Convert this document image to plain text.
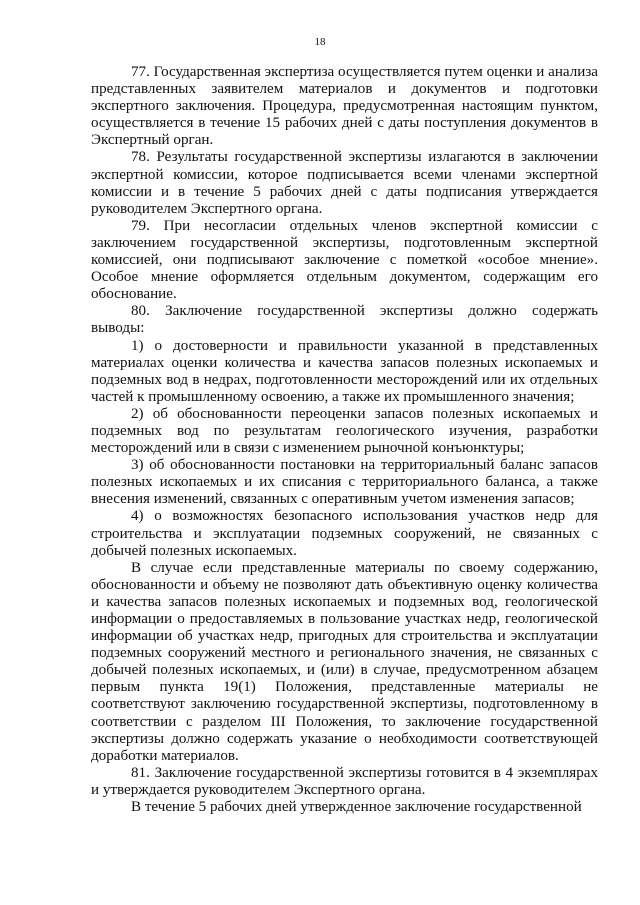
18

77. Государственная экспертиза осуществляется путем оценки и анализа представленных заявителем материалов и документов и подготовки экспертного заключения. Процедура, предусмотренная настоящим пунктом, осуществляется в течение 15 рабочих дней с даты поступления документов в Экспертный орган.

78. Результаты государственной экспертизы излагаются в заключении экспертной комиссии, которое подписывается всеми членами экспертной комиссии и в течение 5 рабочих дней с даты подписания утверждается руководителем Экспертного органа.

79. При несогласии отдельных членов экспертной комиссии с заключением государственной экспертизы, подготовленным экспертной комиссией, они подписывают заключение с пометкой «особое мнение». Особое мнение оформляется отдельным документом, содержащим его обоснование.

80. Заключение государственной экспертизы должно содержать выводы:

1) о достоверности и правильности указанной в представленных материалах оценки количества и качества запасов полезных ископаемых и подземных вод в недрах, подготовленности месторождений или их отдельных частей к промышленному освоению, а также их промышленного значения;

2) об обоснованности переоценки запасов полезных ископаемых и подземных вод по результатам геологического изучения, разработки месторождений или в связи с изменением рыночной конъюнктуры;

3) об обоснованности постановки на территориальный баланс запасов полезных ископаемых и их списания с территориального баланса, а также внесения изменений, связанных с оперативным учетом изменения запасов;

4) о возможностях безопасного использования участков недр для строительства и эксплуатации подземных сооружений, не связанных с добычей полезных ископаемых.

В случае если представленные материалы по своему содержанию, обоснованности и объему не позволяют дать объективную оценку количества и качества запасов полезных ископаемых и подземных вод, геологической информации о предоставляемых в пользование участках недр, геологической информации об участках недр, пригодных для строительства и эксплуатации подземных сооружений местного и регионального значения, не связанных с добычей полезных ископаемых, и (или) в случае, предусмотренном абзацем первым пункта 19(1) Положения, представленные материалы не соответствуют заключению государственной экспертизы, подготовленному в соответствии с разделом III Положения, то заключение государственной экспертизы должно содержать указание о необходимости соответствующей доработки материалов.

81. Заключение государственной экспертизы готовится в 4 экземплярах и утверждается руководителем Экспертного органа.

В течение 5 рабочих дней утвержденное заключение государственной
